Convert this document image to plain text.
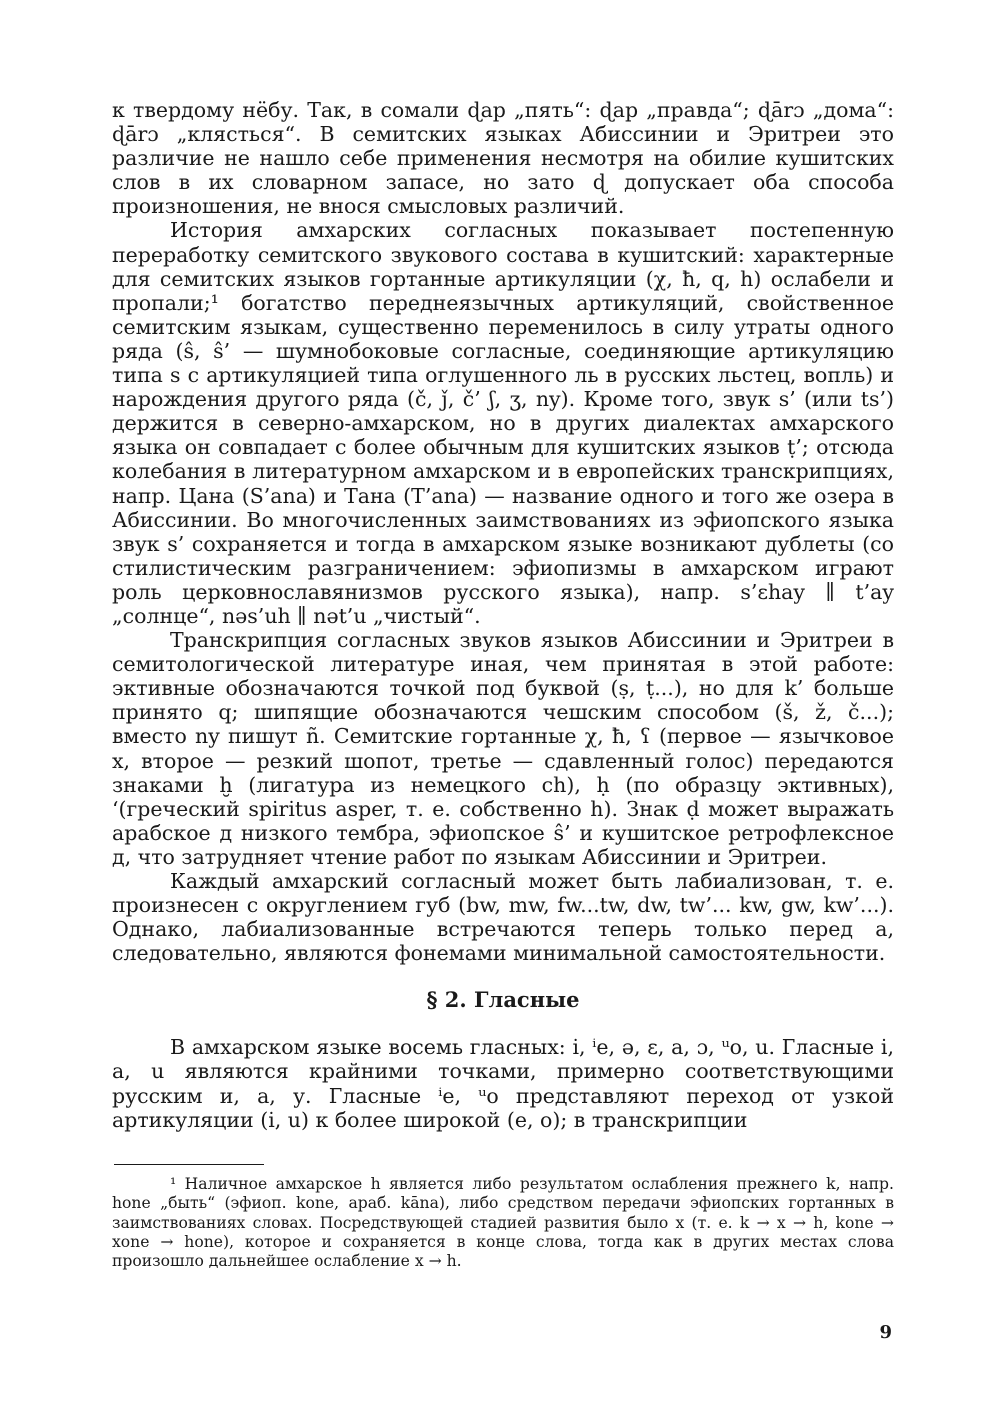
к твердому нёбу. Так, в сомали ɖap „пять“: ɖap „правда“; ɖārɔ „дома“: ɖārɔ „клясться“. В семитских языках Абиссинии и Эритреи это различие не нашло себе применения несмотря на обилие кушитских слов в их словарном запасе, но зато ɖ допускает оба способа произношения, не внося смысловых различий.

История амхарских согласных показывает постепенную переработку семитского звукового состава в кушитский: характерные для семитских языков гортанные артикуляции (χ, ħ, q, h) ослабели и пропали;¹ богатство переднеязычных артикуляций, свойственное семитским языкам, существенно переменилось в силу утраты одного ряда (ŝ, ŝ’ — шумнобоковые согласные, соединяющие артикуляцию типа s с артикуляцией типа оглушенного ль в русских льстец, вопль) и нарождения другого ряда (č, ǰ, č’ ʃ, ʒ, ny). Кроме того, звук s’ (или ts’) держится в северно-амхарском, но в других диалектах амхарского языка он совпадает с более обычным для кушитских языков ṭ’; отсюда колебания в литературном амхарском и в европейских транскрипциях, напр. Цана (S’ana) и Тана (T’ana) — название одного и того же озера в Абиссинии. Во многочисленных заимствованиях из эфиопского языка звук s’ сохраняется и тогда в амхарском языке возникают дублеты (со стилистическим разграничением: эфиопизмы в амхарском играют роль церковнославянизмов русского языка), напр. s’ɛhay ∥ t’ay „солнце“, nəs’uh ∥ nət’u „чистый“.

Транскрипция согласных звуков языков Абиссинии и Эритреи в семитологической литературе иная, чем принятая в этой работе: эктивные обозначаются точкой под буквой (ṣ, ṭ...), но для k’ больше принято q; шипящие обозначаются чешским способом (š, ž, č...); вместо ny пишут ñ. Семитские гортанные χ, ħ, ʕ (первое — язычковое х, второе — резкий шопот, третье — сдавленный голос) передаются знаками ḫ (лигатура из немецкого ch), ḥ (по образцу эктивных), ʻ(греческий spiritus asper, т. е. собственно h). Знак ḍ может выражать арабское д низкого тембра, эфиопское ŝ’ и кушитское ретрофлексное д, что затрудняет чтение работ по языкам Абиссинии и Эритреи.

Каждый амхарский согласный может быть лабиализован, т. е. произнесен с округлением губ (bw, mw, fw...tw, dw, tw’... kw, gw, kw’...). Однако, лабиализованные встречаются теперь только перед а, следовательно, являются фонемами минимальной самостоятельности.

§ 2. Гласные

В амхарском языке восемь гласных: i, ⁱe, ə, ɛ, a, ɔ, ᵘo, u. Гласные i, a, u являются крайними точками, примерно соответствующими русским и, а, у. Гласные ⁱe, ᵘo представляют переход от узкой артикуляции (i, u) к более широкой (е, о); в транскрипции

¹ Наличное амхарское h является либо результатом ослабления прежнего k, напр. hone „быть“ (эфиоп. kone, араб. kāna), либо средством передачи эфиопских гортанных в заимствованиях словах. Посредствующей стадией развития было x (т. е. k → x → h, kone → xone → hone), которое и сохраняется в конце слова, тогда как в других местах слова произошло дальнейшее ослабление x → h.

9
